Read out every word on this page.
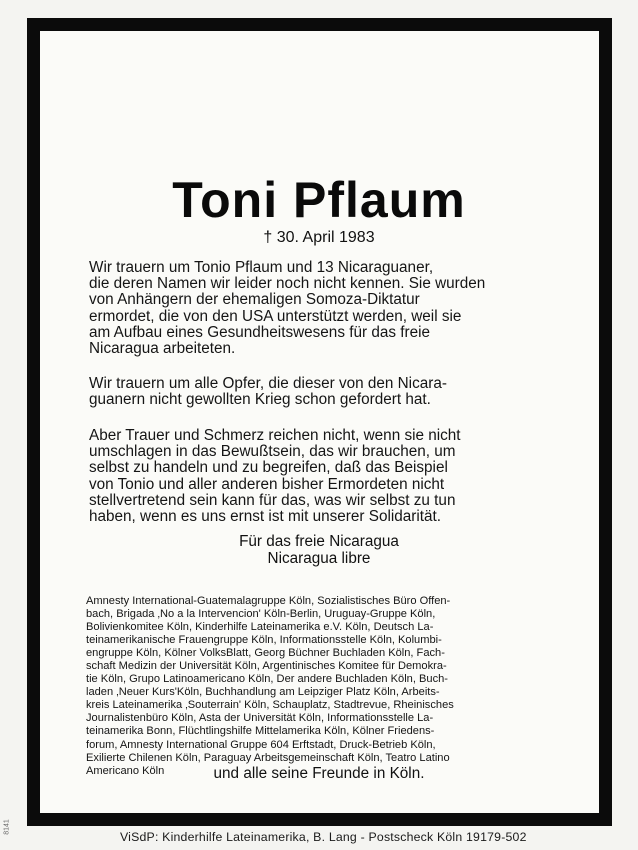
Toni Pflaum
† 30. April 1983

Wir trauern um Tonio Pflaum und 13 Nicaraguaner,
die deren Namen wir leider noch nicht kennen. Sie wurden
von Anhängern der ehemaligen Somoza-Diktatur
ermordet, die von den USA unterstützt werden, weil sie
am Aufbau eines Gesundheitswesens für das freie
Nicaragua arbeiteten.

Wir trauern um alle Opfer, die dieser von den Nicara-
guanern nicht gewollten Krieg schon gefordert hat.

Aber Trauer und Schmerz reichen nicht, wenn sie nicht
umschlagen in das Bewußtsein, das wir brauchen, um
selbst zu handeln und zu begreifen, daß das Beispiel
von Tonio und aller anderen bisher Ermordeten nicht
stellvertretend sein kann für das, was wir selbst zu tun
haben, wenn es uns ernst ist mit unserer Solidarität.

Für das freie Nicaragua
Nicaragua libre

Amnesty International-Guatemalagruppe Köln, Sozialistisches Büro Offen-
bach, Brigada ‚No a la Intervencion' Köln-Berlin, Uruguay-Gruppe Köln,
Bolivienkomitee Köln, Kinderhilfe Lateinamerika e.V. Köln, Deutsch La-
teinamerikanische Frauengruppe Köln, Informationsstelle Köln, Kolumbi-
engruppe Köln, Kölner VolksBlatt, Georg Büchner Buchladen Köln, Fach-
schaft Medizin der Universität Köln, Argentinisches Komitee für Demokra-
tie Köln, Grupo Latinoamericano Köln, Der andere Buchladen Köln, Buch-
laden ‚Neuer Kurs'Köln, Buchhandlung am Leipziger Platz Köln, Arbeits-
kreis Lateinamerika ‚Souterrain' Köln, Schauplatz, Stadtrevue, Rheinisches
Journalistenbüro Köln, Asta der Universität Köln, Informationsstelle La-
teinamerika Bonn, Flüchtlingshilfe Mittelamerika Köln, Kölner Friedens-
forum, Amnesty International Gruppe 604 Erftstadt, Druck-Betrieb Köln,
Exilierte Chilenen Köln, Paraguay Arbeitsgemeinschaft Köln, Teatro Latino
Americano Köln	und alle seine Freunde in Köln.
ViSdP: Kinderhilfe Lateinamerika, B. Lang - Postscheck Köln 19179-502
8141
